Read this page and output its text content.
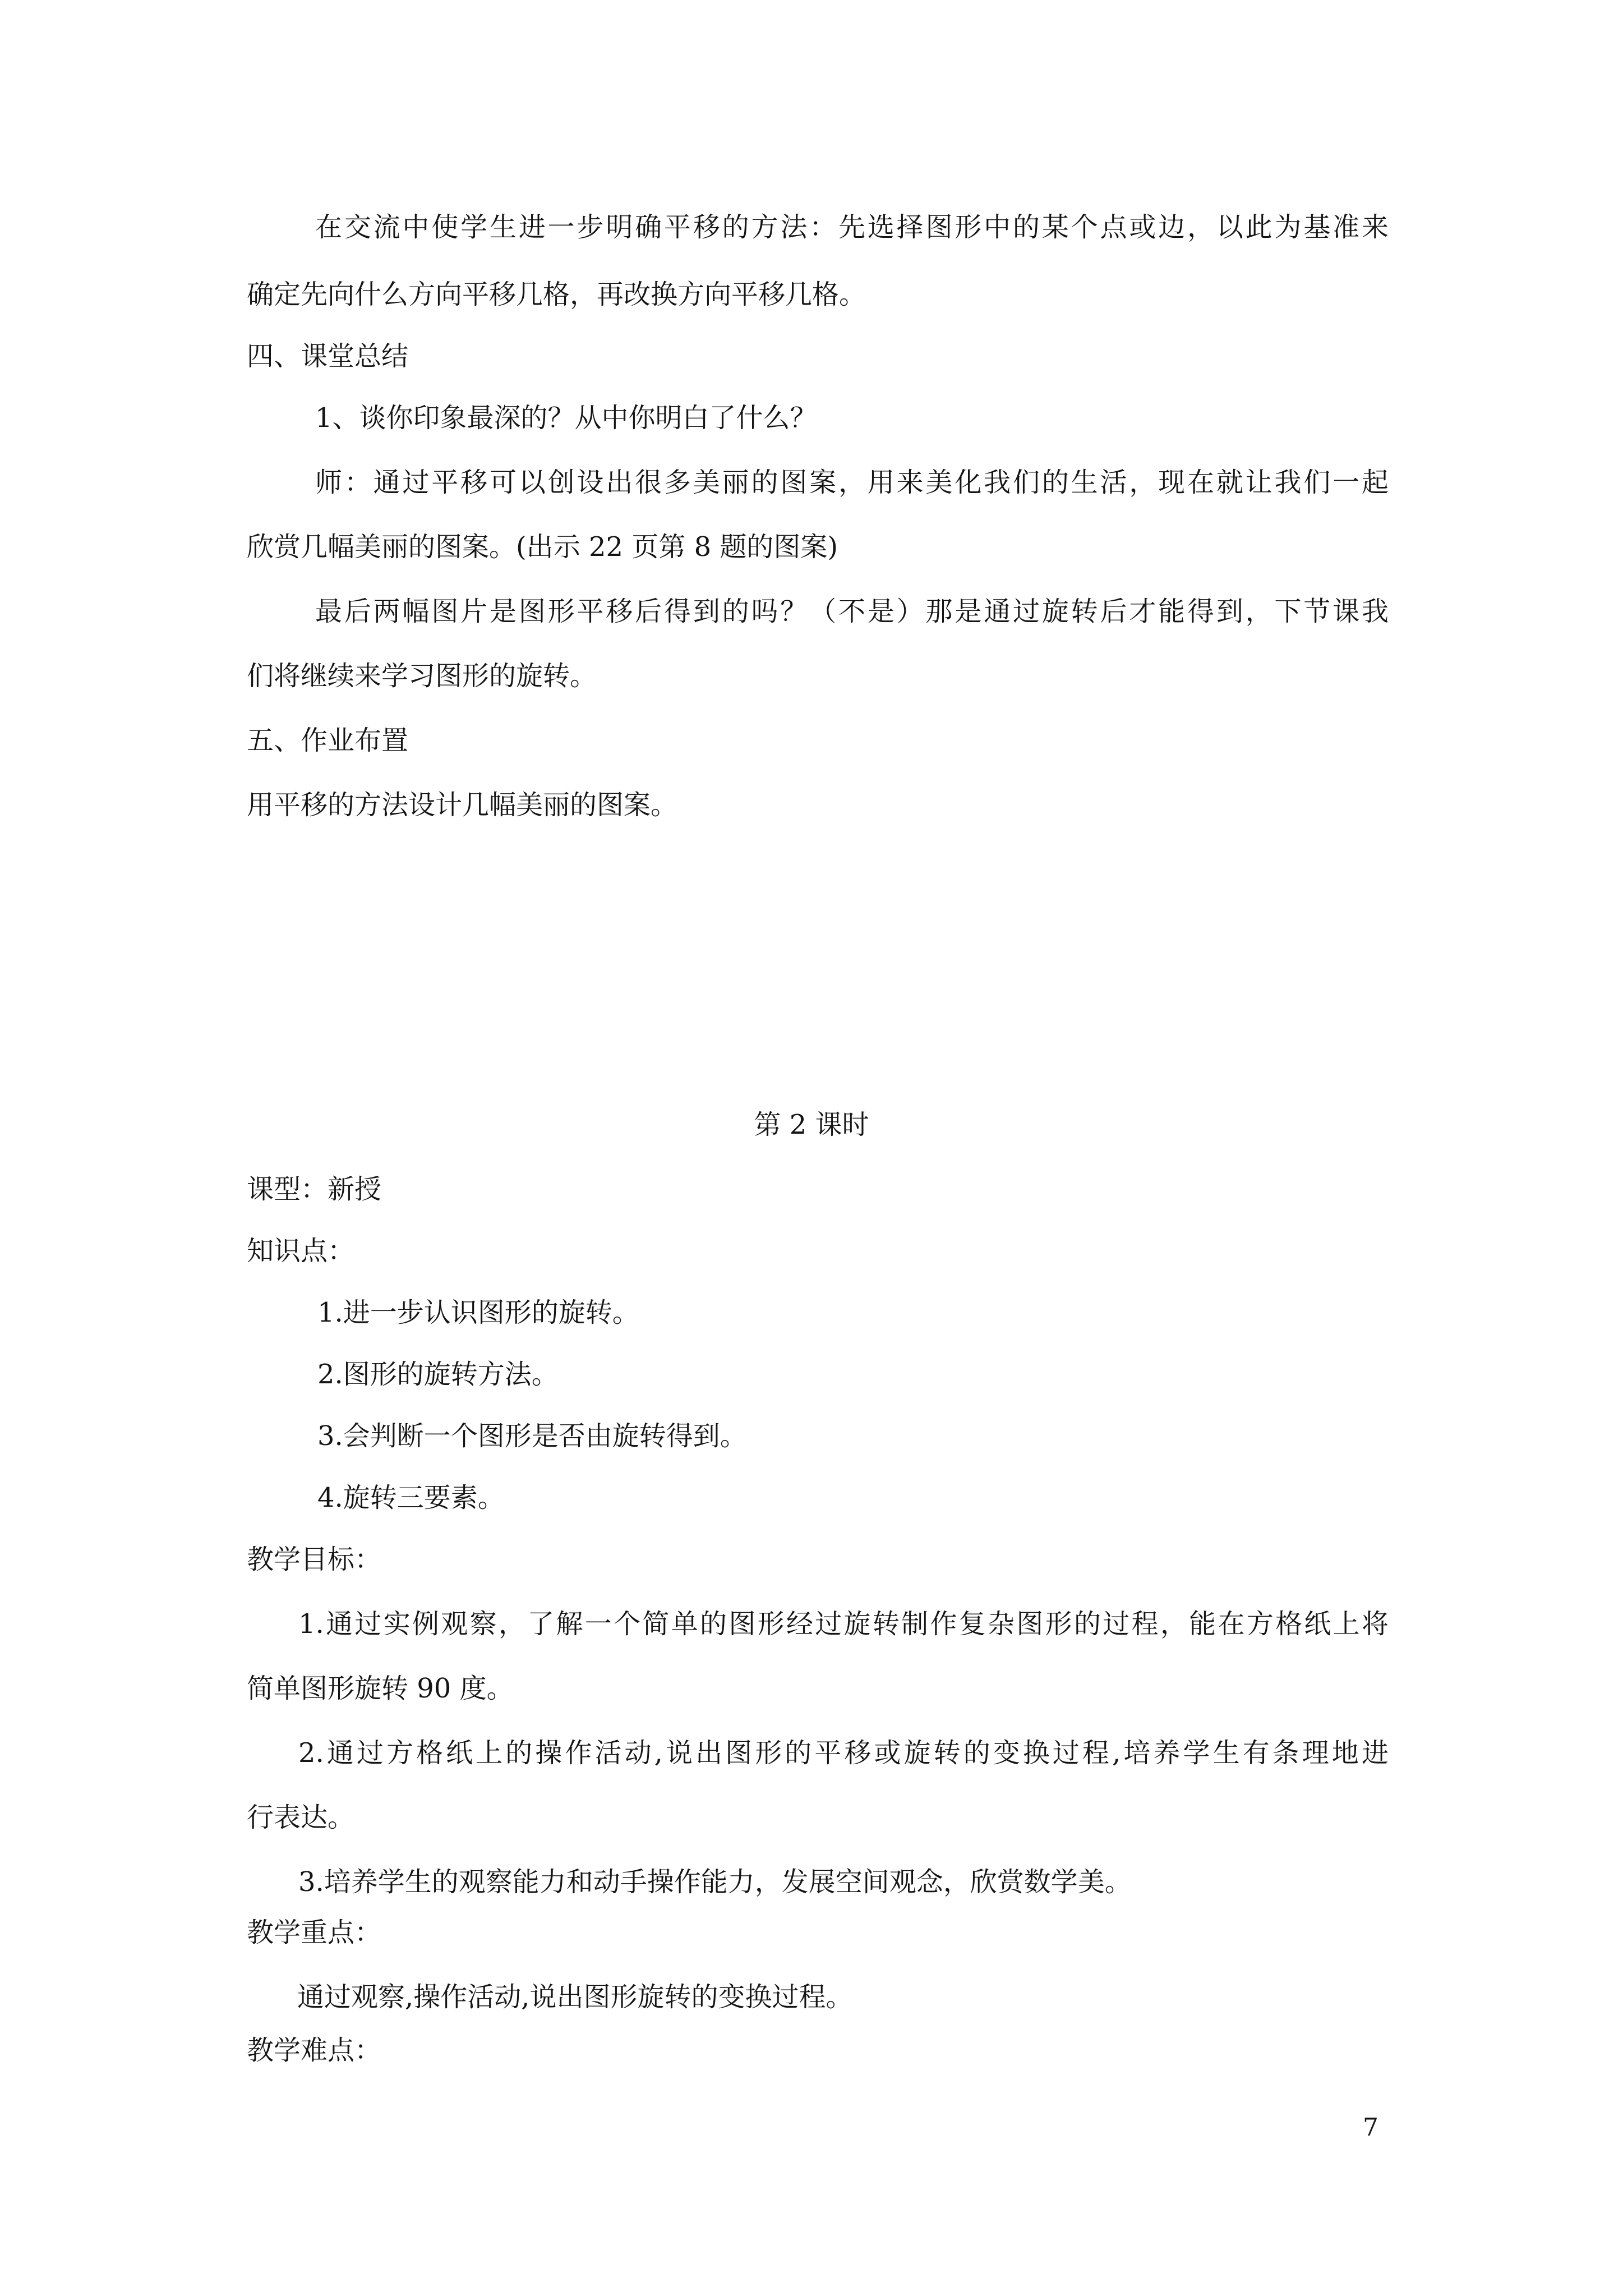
在交流中使学生进一步明确平移的方法：先选择图形中的某个点或边，以此为基准来

确定先向什么方向平移几格，再改换方向平移几格。

四、课堂总结

1、谈你印象最深的？从中你明白了什么？

师：通过平移可以创设出很多美丽的图案，用来美化我们的生活，现在就让我们一起

欣赏几幅美丽的图案。(出示 22 页第 8 题的图案)

最后两幅图片是图形平移后得到的吗？（不是）那是通过旋转后才能得到，下节课我

们将继续来学习图形的旋转。

五、作业布置

用平移的方法设计几幅美丽的图案。

第 2 课时

课型：新授

知识点：

1.进一步认识图形的旋转。

2.图形的旋转方法。

3.会判断一个图形是否由旋转得到。

4.旋转三要素。

教学目标：

1.通过实例观察，了解一个简单的图形经过旋转制作复杂图形的过程，能在方格纸上将

简单图形旋转 90 度。

2.通过方格纸上的操作活动,说出图形的平移或旋转的变换过程,培养学生有条理地进

行表达。

3.培养学生的观察能力和动手操作能力，发展空间观念，欣赏数学美。

教学重点：

通过观察,操作活动,说出图形旋转的变换过程。

教学难点：

7
